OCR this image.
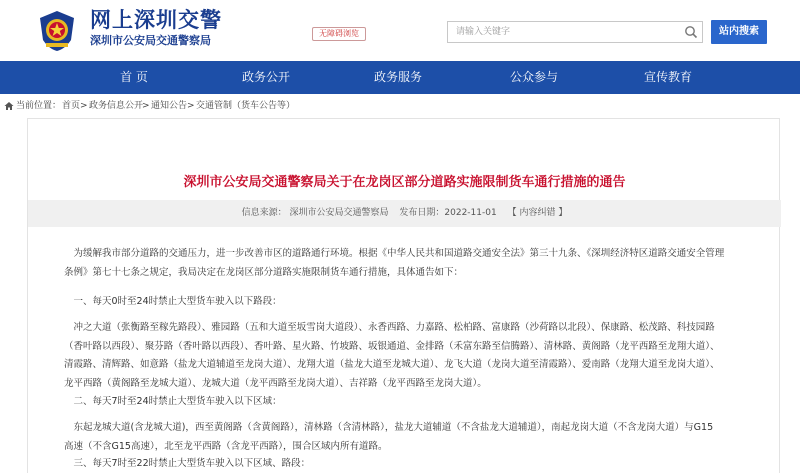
网上深圳交警
深圳市公安局交通警察局
无障碍浏览
请输入关键字	站内搜索
首 页	政务公开	政务服务	公众参与	宣传教育
当前位置： 首页 > 政务信息公开
> 通知公告 > 交通管制（货车公告等）
深圳市公安局交通警察局关于在龙岗区部分道路实施限制货车通行措施的通告
信息来源： 深圳市公安局交通警察局 发布日期：2022-11-01 【 内容纠错 】

为缓解我市部分道路的交通压力，进一步改善市区的道路通行环境。根据《中华人民共和国道路交通安全法》第三十九条、《深圳经济特区道路交通安全管理
条例》第七十七条之规定，我局决定在龙岗区部分道路实施限制货车通行措施，具体通告如下：

一、每天0时至24时禁止大型货车驶入以下路段：

冲之大道（张衡路至稼先路段）、雅园路（五和大道至坂雪岗大道段）、永香西路、力嘉路、松柏路、富康路（沙荷路以北段）、保康路、松茂路、科技园路
（香叶路以西段）、聚芬路（香叶路以西段）、香叶路、星火路、竹坡路、坂银通道、金排路（禾富东路至信腾路）、清林路、黄阁路（龙平西路至龙翔大道）、
清霞路、清辉路、如意路（盐龙大道辅道至龙岗大道）、龙翔大道（盐龙大道至龙城大道）、龙飞大道（龙岗大道至清霞路）、爱南路（龙翔大道至龙岗大道）、
龙平西路（黄阁路至龙城大道）、龙城大道（龙平西路至龙岗大道）、吉祥路（龙平西路至龙岗大道）。

二、每天7时至24时禁止大型货车驶入以下区域：

东起龙城大道(含龙城大道)，西至黄阁路（含黄阁路），清林路（含清林路），盐龙大道辅道（不含盐龙大道辅道），南起龙岗大道（不含龙岗大道）与G15
高速（不含G15高速），北至龙平西路（含龙平西路），围合区域内所有道路。

三、每天7时至22时禁止大型货车驶入以下区域、路段：
